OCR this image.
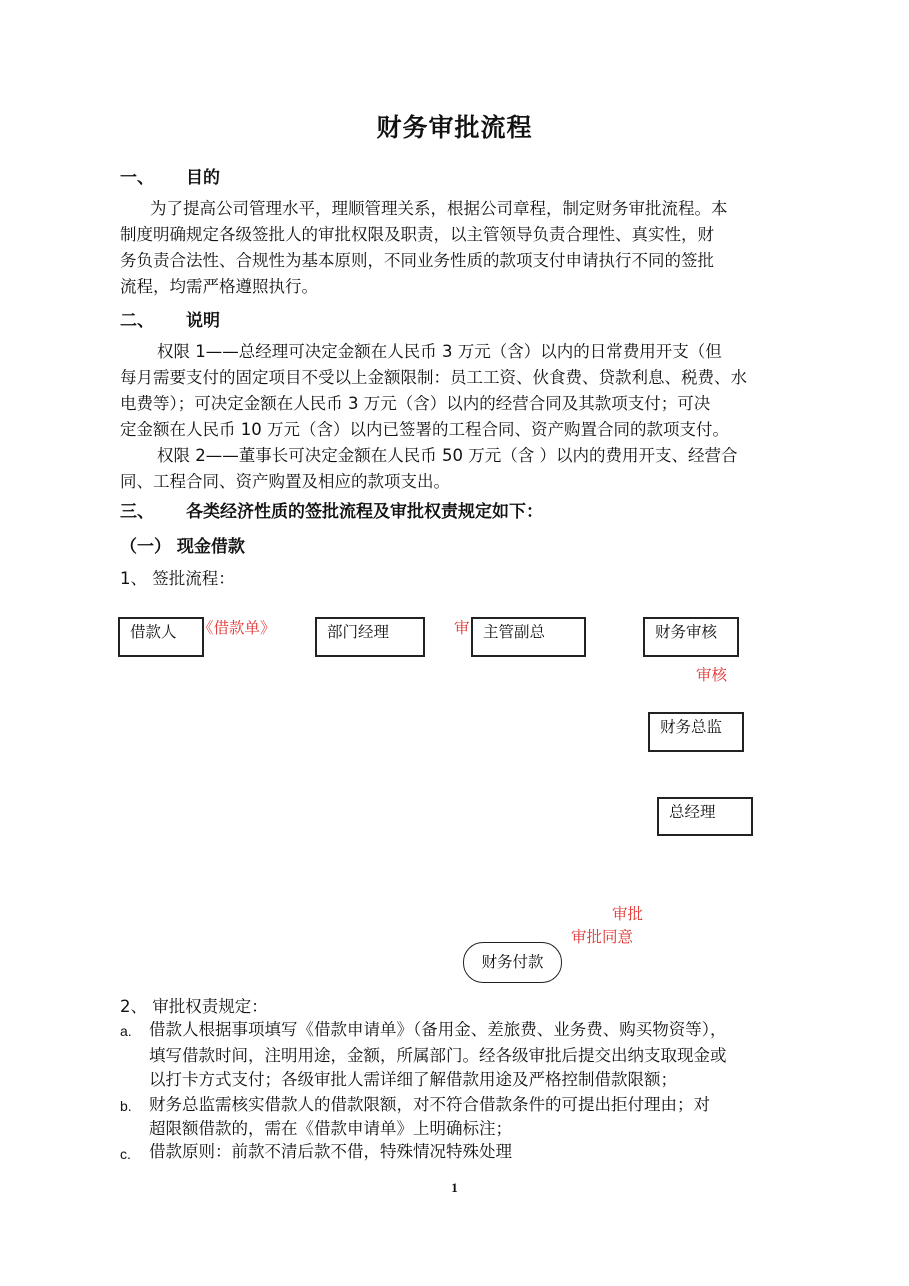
财务审批流程
一、 目的
为了提高公司管理水平，理顺管理关系，根据公司章程，制定财务审批流程。本
制度明确规定各级签批人的审批权限及职责，以主管领导负责合理性、真实性，财
务负责合法性、合规性为基本原则，不同业务性质的款项支付申请执行不同的签批
流程，均需严格遵照执行。
二、 说明
权限 1——总经理可决定金额在人民币 3 万元（含）以内的日常费用开支（但
每月需要支付的固定项目不受以上金额限制：员工工资、伙食费、贷款利息、税费、水
电费等）；可决定金额在人民币 3 万元（含）以内的经营合同及其款项支付；可决
定金额在人民币 10 万元（含）以内已签署的工程合同、资产购置合同的款项支付。
权限 2——董事长可决定金额在人民币 50 万元（含 ）以内的费用开支、经营合
同、工程合同、资产购置及相应的款项支出。
三、 各类经济性质的签批流程及审批权责规定如下：
（一） 现金借款
1、 签批流程：
借款人	《借款单》	部门经理	审 主管副总	财务审核
审核
财务总监
总经理
审批
审批同意
财务付款
2、 审批权责规定：
a. 借款人根据事项填写《借款申请单》（备用金、差旅费、业务费、购买物资等），
填写借款时间，注明用途，金额，所属部门。经各级审批后提交出纳支取现金或
以打卡方式支付；各级审批人需详细了解借款用途及严格控制借款限额；
b. 财务总监需核实借款人的借款限额，对不符合借款条件的可提出拒付理由；对
超限额借款的，需在《借款申请单》上明确标注；
c. 借款原则：前款不清后款不借，特殊情况特殊处理
1
